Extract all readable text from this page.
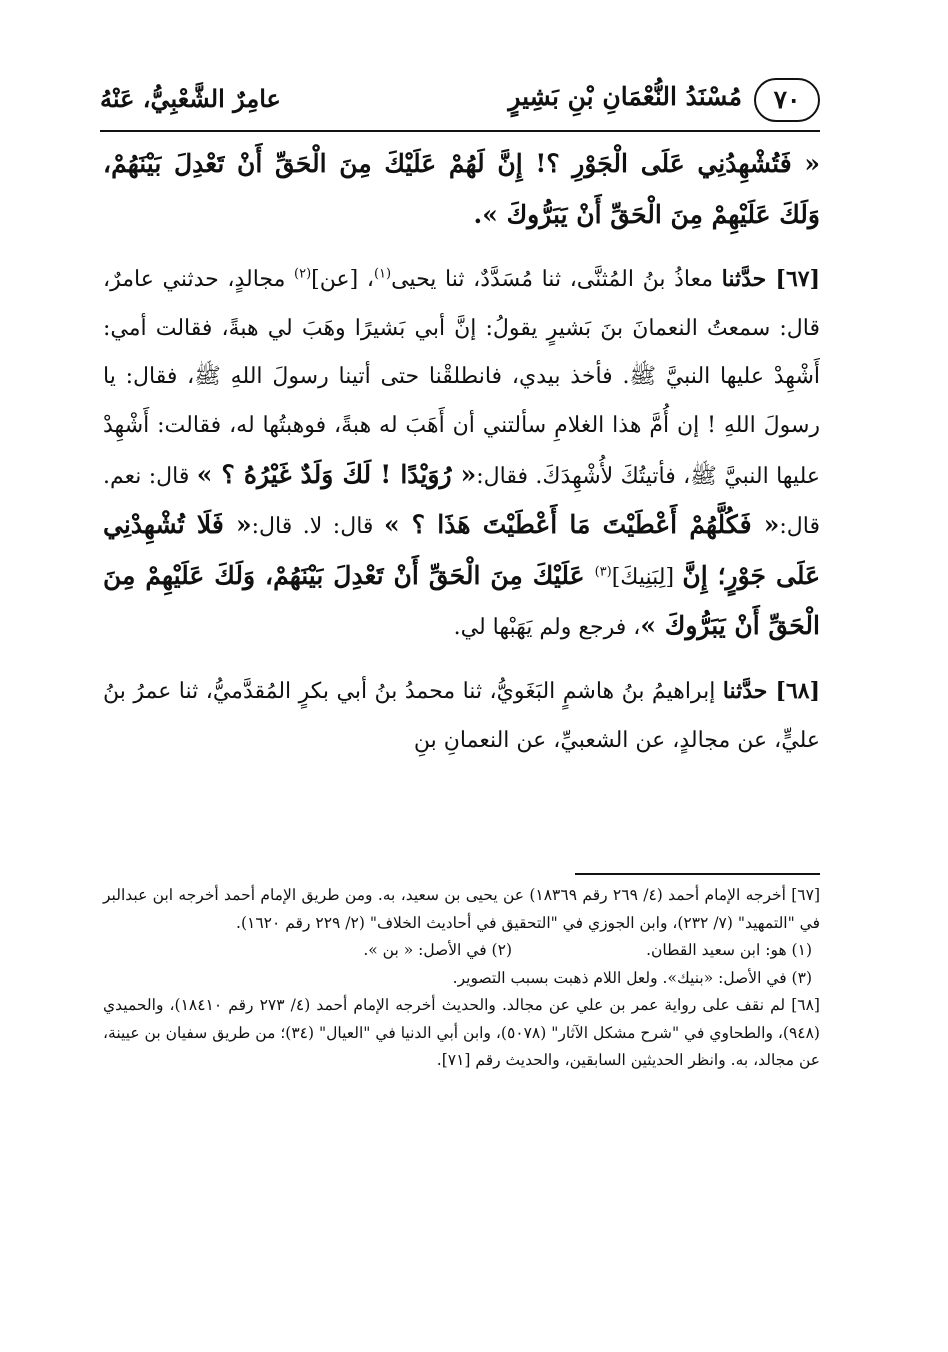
٧٠
مُسْنَدُ النُّعْمَانِ بْنِ بَشِيرٍ
عامِرٌ الشَّعْبِيُّ، عَنْهُ

« فَتُشْهِدُنِي عَلَى الْجَوْرِ ؟! إِنَّ لَهُمْ عَلَيْكَ مِنَ الْحَقِّ أَنْ تَعْدِلَ بَيْنَهُمْ، وَلَكَ عَلَيْهِمْ مِنَ الْحَقِّ أَنْ يَبَرُّوكَ ».

[٦٧] حدَّثنا معاذُ بنُ المُثنَّى، ثنا مُسَدَّدٌ، ثنا يحيى$^{(١)}$، [عن]$^{(٢)}$ مجالدٍ، حدثني عامرٌ، قال: سمعتُ النعمانَ بنَ بَشيرٍ يقولُ: إنَّ أبي بَشيرًا وهَبَ لي هبةً، فقالت أمي: أَشْهِدْ عليها النبيَّ ﷺ. فأخذ بيدي، فانطلقْنا حتى أتينا رسولَ اللهِ ﷺ، فقال: يا رسولَ اللهِ ! إن أُمَّ هذا الغلامِ سألتني أن أَهَبَ له هبةً، فوهبتُها له، فقالت: أَشْهِدْ عليها النبيَّ ﷺ، فأتيتُكَ لأُشْهِدَكَ. فقال:« رُوَيْدًا ! لَكَ وَلَدٌ غَيْرُهُ ؟ » قال: نعم. قال:« فَكُلَّهُمْ أَعْطَيْتَ مَا أَعْطَيْتَ هَذَا ؟ » قال: لا. قال:« فَلَا تُشْهِدْنِي عَلَى جَوْرٍ؛ إِنَّ [لِبَنِيكَ]$^{(٣)}$ عَلَيْكَ مِنَ الْحَقِّ أَنْ تَعْدِلَ بَيْنَهُمْ، وَلَكَ عَلَيْهِمْ مِنَ الْحَقِّ أَنْ يَبَرُّوكَ »، فرجع ولم يَهَبْها لي.

[٦٨] حدَّثنا إبراهيمُ بنُ هاشمٍ البَغَويُّ، ثنا محمدُ بنُ أبي بكرٍ المُقدَّميُّ، ثنا عمرُ بنُ عليٍّ، عن مجالدٍ، عن الشعبيِّ، عن النعمانِ بنِ

[٦٧] أخرجه الإمام أحمد (٤/ ٢٦٩ رقم ١٨٣٦٩) عن يحيى بن سعيد، به. ومن طريق الإمام أحمد أخرجه ابن عبدالبر في "التمهيد" (٧/ ٢٣٢)، وابن الجوزي في "التحقيق في أحاديث الخلاف" (٢/ ٢٢٩ رقم ١٦٢٠).

(١) هو: ابن سعيد القطان.
(٢) في الأصل: « بن ».

(٣) في الأصل: «بنيك». ولعل اللام ذهبت بسبب التصوير.

[٦٨] لم نقف على رواية عمر بن علي عن مجالد. والحديث أخرجه الإمام أحمد (٤/ ٢٧٣ رقم ١٨٤١٠)، والحميدي (٩٤٨)، والطحاوي في "شرح مشكل الآثار" (٥٠٧٨)، وابن أبي الدنيا في "العيال" (٣٤)؛ من طريق سفيان بن عيينة، عن مجالد، به. وانظر الحديثين السابقين، والحديث رقم [٧١].
